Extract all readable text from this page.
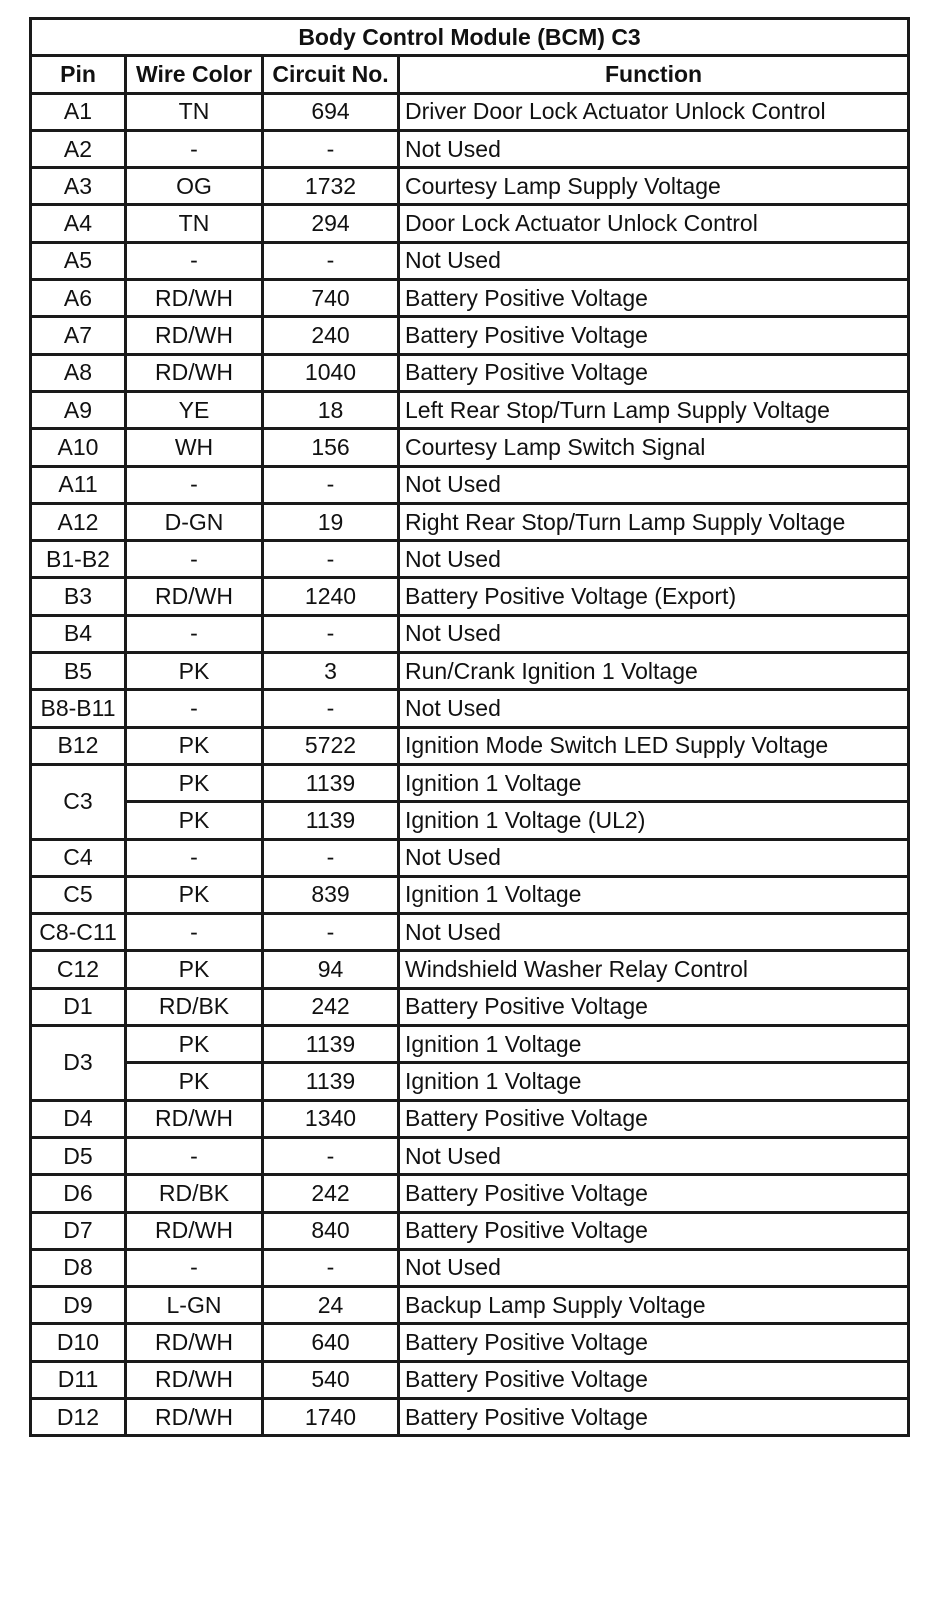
Body Control Module (BCM) C3			
Pin	Wire Color	Circuit No.	Function
A1	TN	694	Driver Door Lock Actuator Unlock Control
A2	-	-	Not Used
A3	OG	1732	Courtesy Lamp Supply Voltage
A4	TN	294	Door Lock Actuator Unlock Control
A5	-	-	Not Used
A6	RD/WH	740	Battery Positive Voltage
A7	RD/WH	240	Battery Positive Voltage
A8	RD/WH	1040	Battery Positive Voltage
A9	YE	18	Left Rear Stop/Turn Lamp Supply Voltage
A10	WH	156	Courtesy Lamp Switch Signal
A11	-	-	Not Used
A12	D-GN	19	Right Rear Stop/Turn Lamp Supply Voltage
B1-B2	-	-	Not Used
B3	RD/WH	1240	Battery Positive Voltage (Export)
B4	-	-	Not Used
B5	PK	3	Run/Crank Ignition 1 Voltage
B8-B11	-	-	Not Used
B12	PK	5722	Ignition Mode Switch LED Supply Voltage
C3	PK	1139	Ignition 1 Voltage
	PK	1139	Ignition 1 Voltage (UL2)
C4	-	-	Not Used
C5	PK	839	Ignition 1 Voltage
C8-C11	-	-	Not Used
C12	PK	94	Windshield Washer Relay Control
D1	RD/BK	242	Battery Positive Voltage
D3	PK	1139	Ignition 1 Voltage
	PK	1139	Ignition 1 Voltage
D4	RD/WH	1340	Battery Positive Voltage
D5	-	-	Not Used
D6	RD/BK	242	Battery Positive Voltage
D7	RD/WH	840	Battery Positive Voltage
D8	-	-	Not Used
D9	L-GN	24	Backup Lamp Supply Voltage
D10	RD/WH	640	Battery Positive Voltage
D11	RD/WH	540	Battery Positive Voltage
D12	RD/WH	1740	Battery Positive Voltage
